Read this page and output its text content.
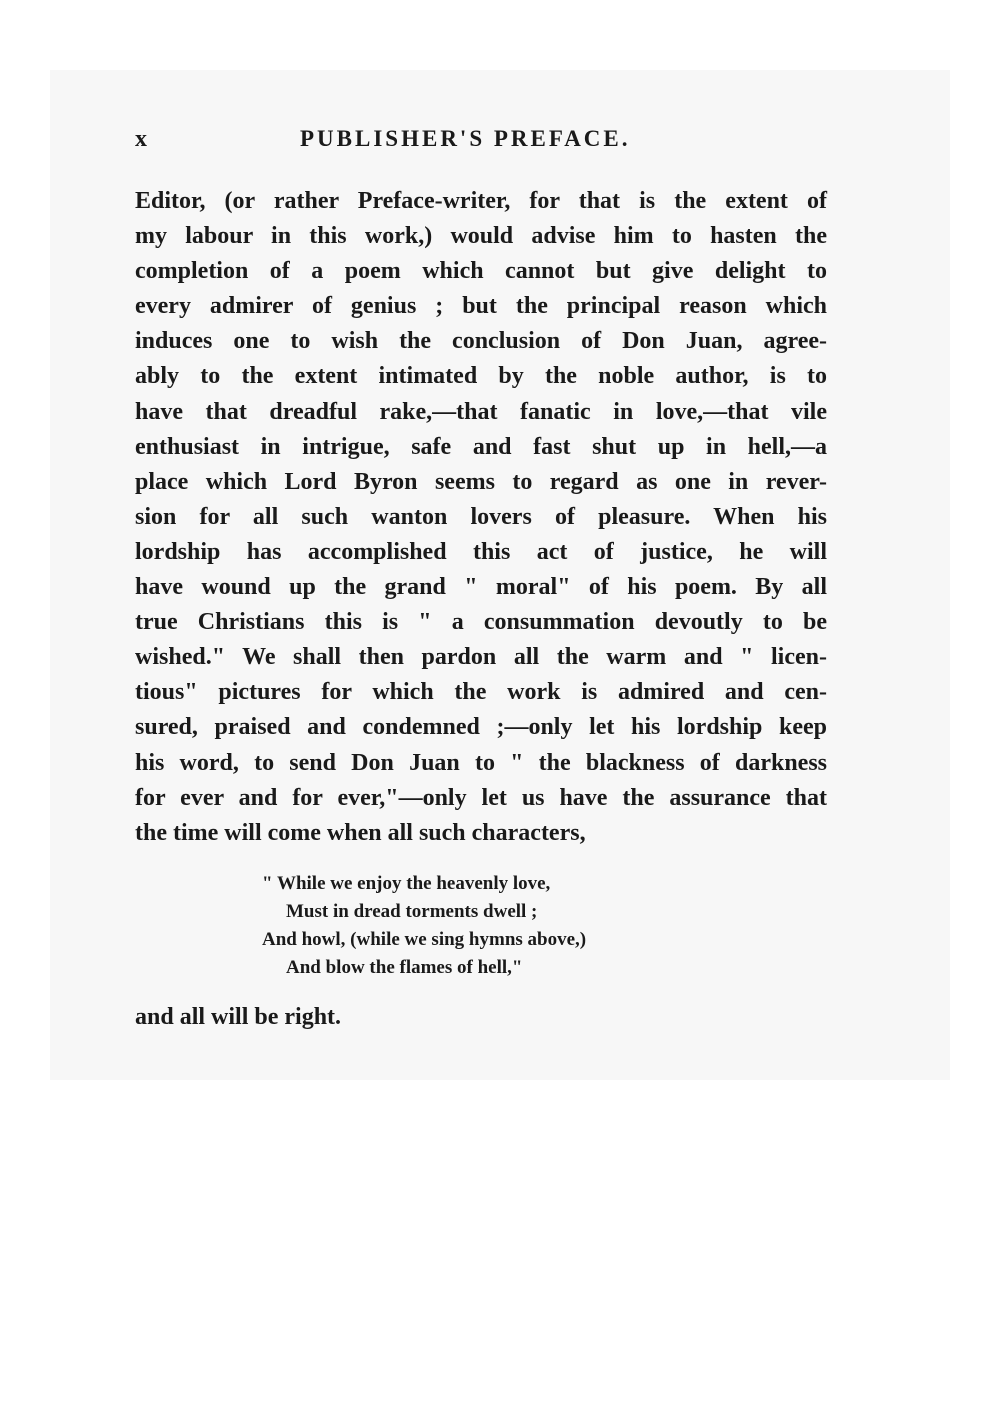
x	PUBLISHER'S PREFACE.
Editor, (or rather Preface-writer, for that is the extent of
my labour in this work,) would advise him to hasten the
completion of a poem which cannot but give delight to
every admirer of genius ; but the principal reason which
induces one to wish the conclusion of Don Juan, agree-
ably to the extent intimated by the noble author, is to
have that dreadful rake,—that fanatic in love,—that vile
enthusiast in intrigue, safe and fast shut up in hell,—a
place which Lord Byron seems to regard as one in rever-
sion for all such wanton lovers of pleasure. When his
lordship has accomplished this act of justice, he will
have wound up the grand " moral" of his poem. By all
true Christians this is " a consummation devoutly to be
wished." We shall then pardon all the warm and " licen-
tious" pictures for which the work is admired and cen-
sured, praised and condemned ;—only let his lordship keep
his word, to send Don Juan to " the blackness of darkness
for ever and for ever,"—only let us have the assurance that
the time will come when all such characters,
" While we enjoy the heavenly love,
Must in dread torments dwell ;
And howl, (while we sing hymns above,)
And blow the flames of hell,"
and all will be right.
